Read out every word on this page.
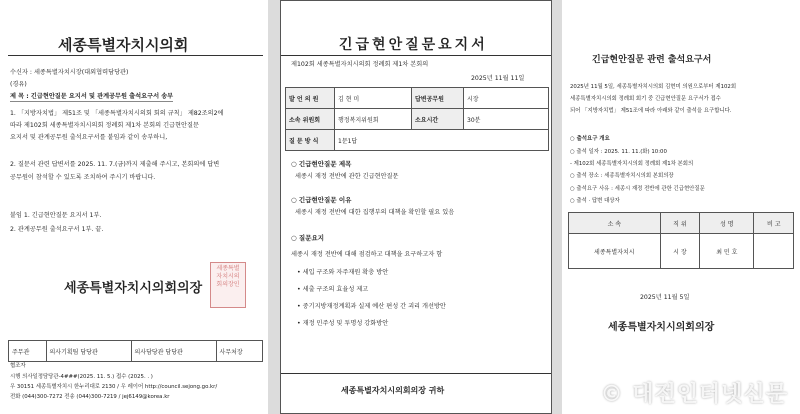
세종특별자치시의회
수신자 : 세종특별자치시장(대외협력담당관)
(경유)
제 목 : 긴급현안질문 요지서 및 관계공무원 출석요구서 송부
1. 「지방자치법」 제51조 및 「세종특별자치시의회 회의 규칙」 제82조의2에
따라 제102회 세종특별자치시의회 정례회 제1차 본회의 긴급현안질문
요지서 및 관계공무원 출석요구서를 붙임과 같이 송부하니,
2. 질문서 관련 답변서를 2025. 11. 7.(금)까지 제출해 주시고, 본회의에 답변
공무원이 참석할 수 있도록 조치하여 주시기 바랍니다.
붙임 1. 긴급현안질문 요지서 1부.
2. 관계공무원 출석요구서 1부. 끝.
세종특별자치시의회의장
세종특별
자치시의
회의장인
주무관	의사기획팀 담당관	의사담당관 담당관	사무처장
협조자
시행 의사일정담당관-4###(2025. 11. 5.) 접수 (2025. . )
우 30151 세종특별자치시 한누리대로 2130 / 우 레이어 http://council.sejong.go.kr/
전화 (044)300-7272 전송 (044)300-7219 / jej6149@korea.kr
긴급현안질문요지서
제102회 세종특별자치시의회 정례회 제1차 본회의
2025년 11월 11일
발 언 의 원	김 현 미	답변공무원	시장
소속 위원회	행정복지위원회	소요시간	30분
질 문 방 식	1문1답		
○ 긴급현안질문 제목
세종시 재정 전반에 관한 긴급현안질문
○ 긴급현안질문 이유
세종시 재정 전반에 대한 집행부의 대책을 확인할 필요 있음
○ 질문요지
세종시 재정 전반에 대해 점검하고 대책을 요구하고자 함
• 세입 구조와 자주재원 확충 방안
• 세출 구조의 효율성 제고
• 중기지방재정계획과 실제 예산 편성 간 괴리 개선방안
• 재정 민주성 및 투명성 강화방안
세종특별자치시의회의장 귀하
긴급현안질문 관련 출석요구서
2025년 11월 5일, 세종특별자치시의회 김현미 의원으로부터 제102회
세종특별자치시의회 정례회 회기 중 긴급현안질문 요구서가 접수
되어 「지방자치법」 제51조에 따라 아래와 같이 출석을 요구합니다.
○ 출석요구 개요
○ 출석 일자 : 2025. 11. 11.(화) 10:00
- 제102회 세종특별자치시의회 정례회 제1차 본회의
○ 출석 장소 : 세종특별자치시의회 본회의장
○ 출석요구 사유 : 세종시 재정 전반에 관한 긴급현안질문
○ 출석 · 답변 대상자
소 속	직 위	성 명	비 고
세종특별자치시	시 장	최 민 호	
2025년 11월 5일
세종특별자치시의회의장
© 대전인터넷신문
